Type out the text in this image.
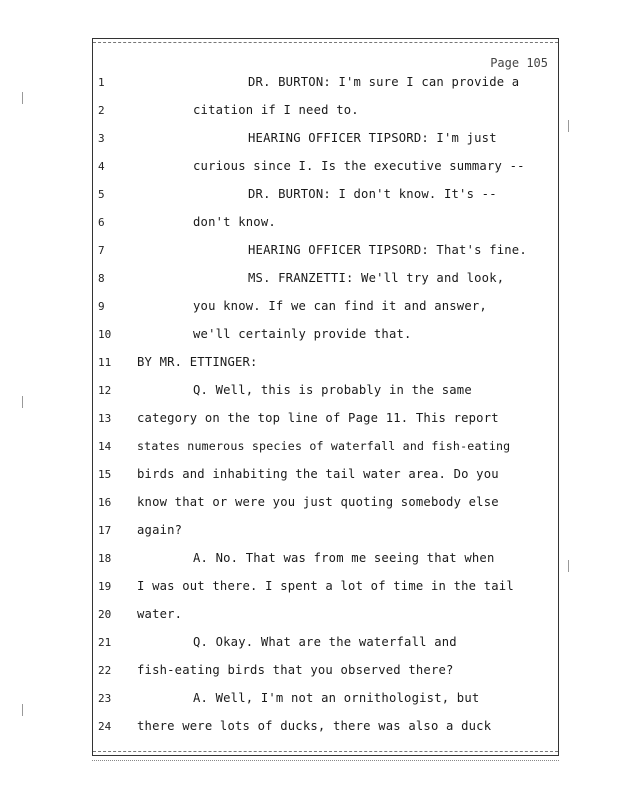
Page 105
1
2
3
4
5
6
7
8
9
10
11
12
13
14
15
16
17
18
19
20
21
22
23
24
DR. BURTON: I'm sure I can provide a
citation if I need to.
HEARING OFFICER TIPSORD: I'm just
curious since I. Is the executive summary --
DR. BURTON: I don't know. It's --
don't know.
HEARING OFFICER TIPSORD: That's fine.
MS. FRANZETTI: We'll try and look,
you know. If we can find it and answer,
we'll certainly provide that.
BY MR. ETTINGER:
Q. Well, this is probably in the same
category on the top line of Page 11. This report
states numerous species of waterfall and fish-eating
birds and inhabiting the tail water area. Do you
know that or were you just quoting somebody else
again?
A. No. That was from me seeing that when
I was out there. I spent a lot of time in the tail
water.
Q. Okay. What are the waterfall and
fish-eating birds that you observed there?
A. Well, I'm not an ornithologist, but
there were lots of ducks, there was also a duck
